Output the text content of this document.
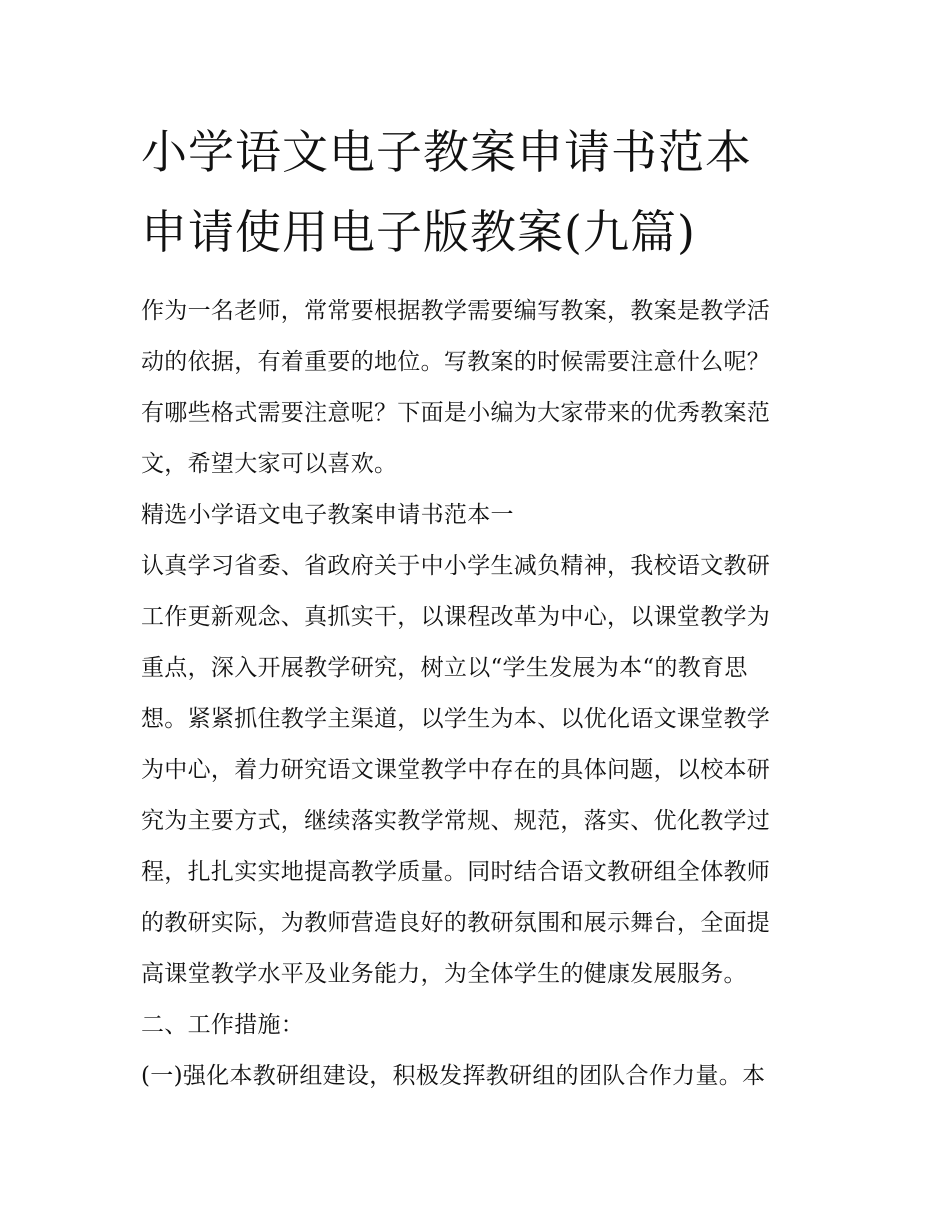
小学语文电子教案申请书范本
申请使用电子版教案(九篇)

作为一名老师，常常要根据教学需要编写教案，教案是教学活

动的依据，有着重要的地位。写教案的时候需要注意什么呢？

有哪些格式需要注意呢？下面是小编为大家带来的优秀教案范

文，希望大家可以喜欢。

精选小学语文电子教案申请书范本一

认真学习省委、省政府关于中小学生减负精神，我校语文教研

工作更新观念、真抓实干，以课程改革为中心，以课堂教学为

重点，深入开展教学研究，树立以“学生发展为本“的教育思

想。紧紧抓住教学主渠道，以学生为本、以优化语文课堂教学

为中心，着力研究语文课堂教学中存在的具体问题，以校本研

究为主要方式，继续落实教学常规、规范，落实、优化教学过

程，扎扎实实地提高教学质量。同时结合语文教研组全体教师

的教研实际，为教师营造良好的教研氛围和展示舞台，全面提

高课堂教学水平及业务能力，为全体学生的健康发展服务。

二、工作措施：

(一)强化本教研组建设，积极发挥教研组的团队合作力量。本
